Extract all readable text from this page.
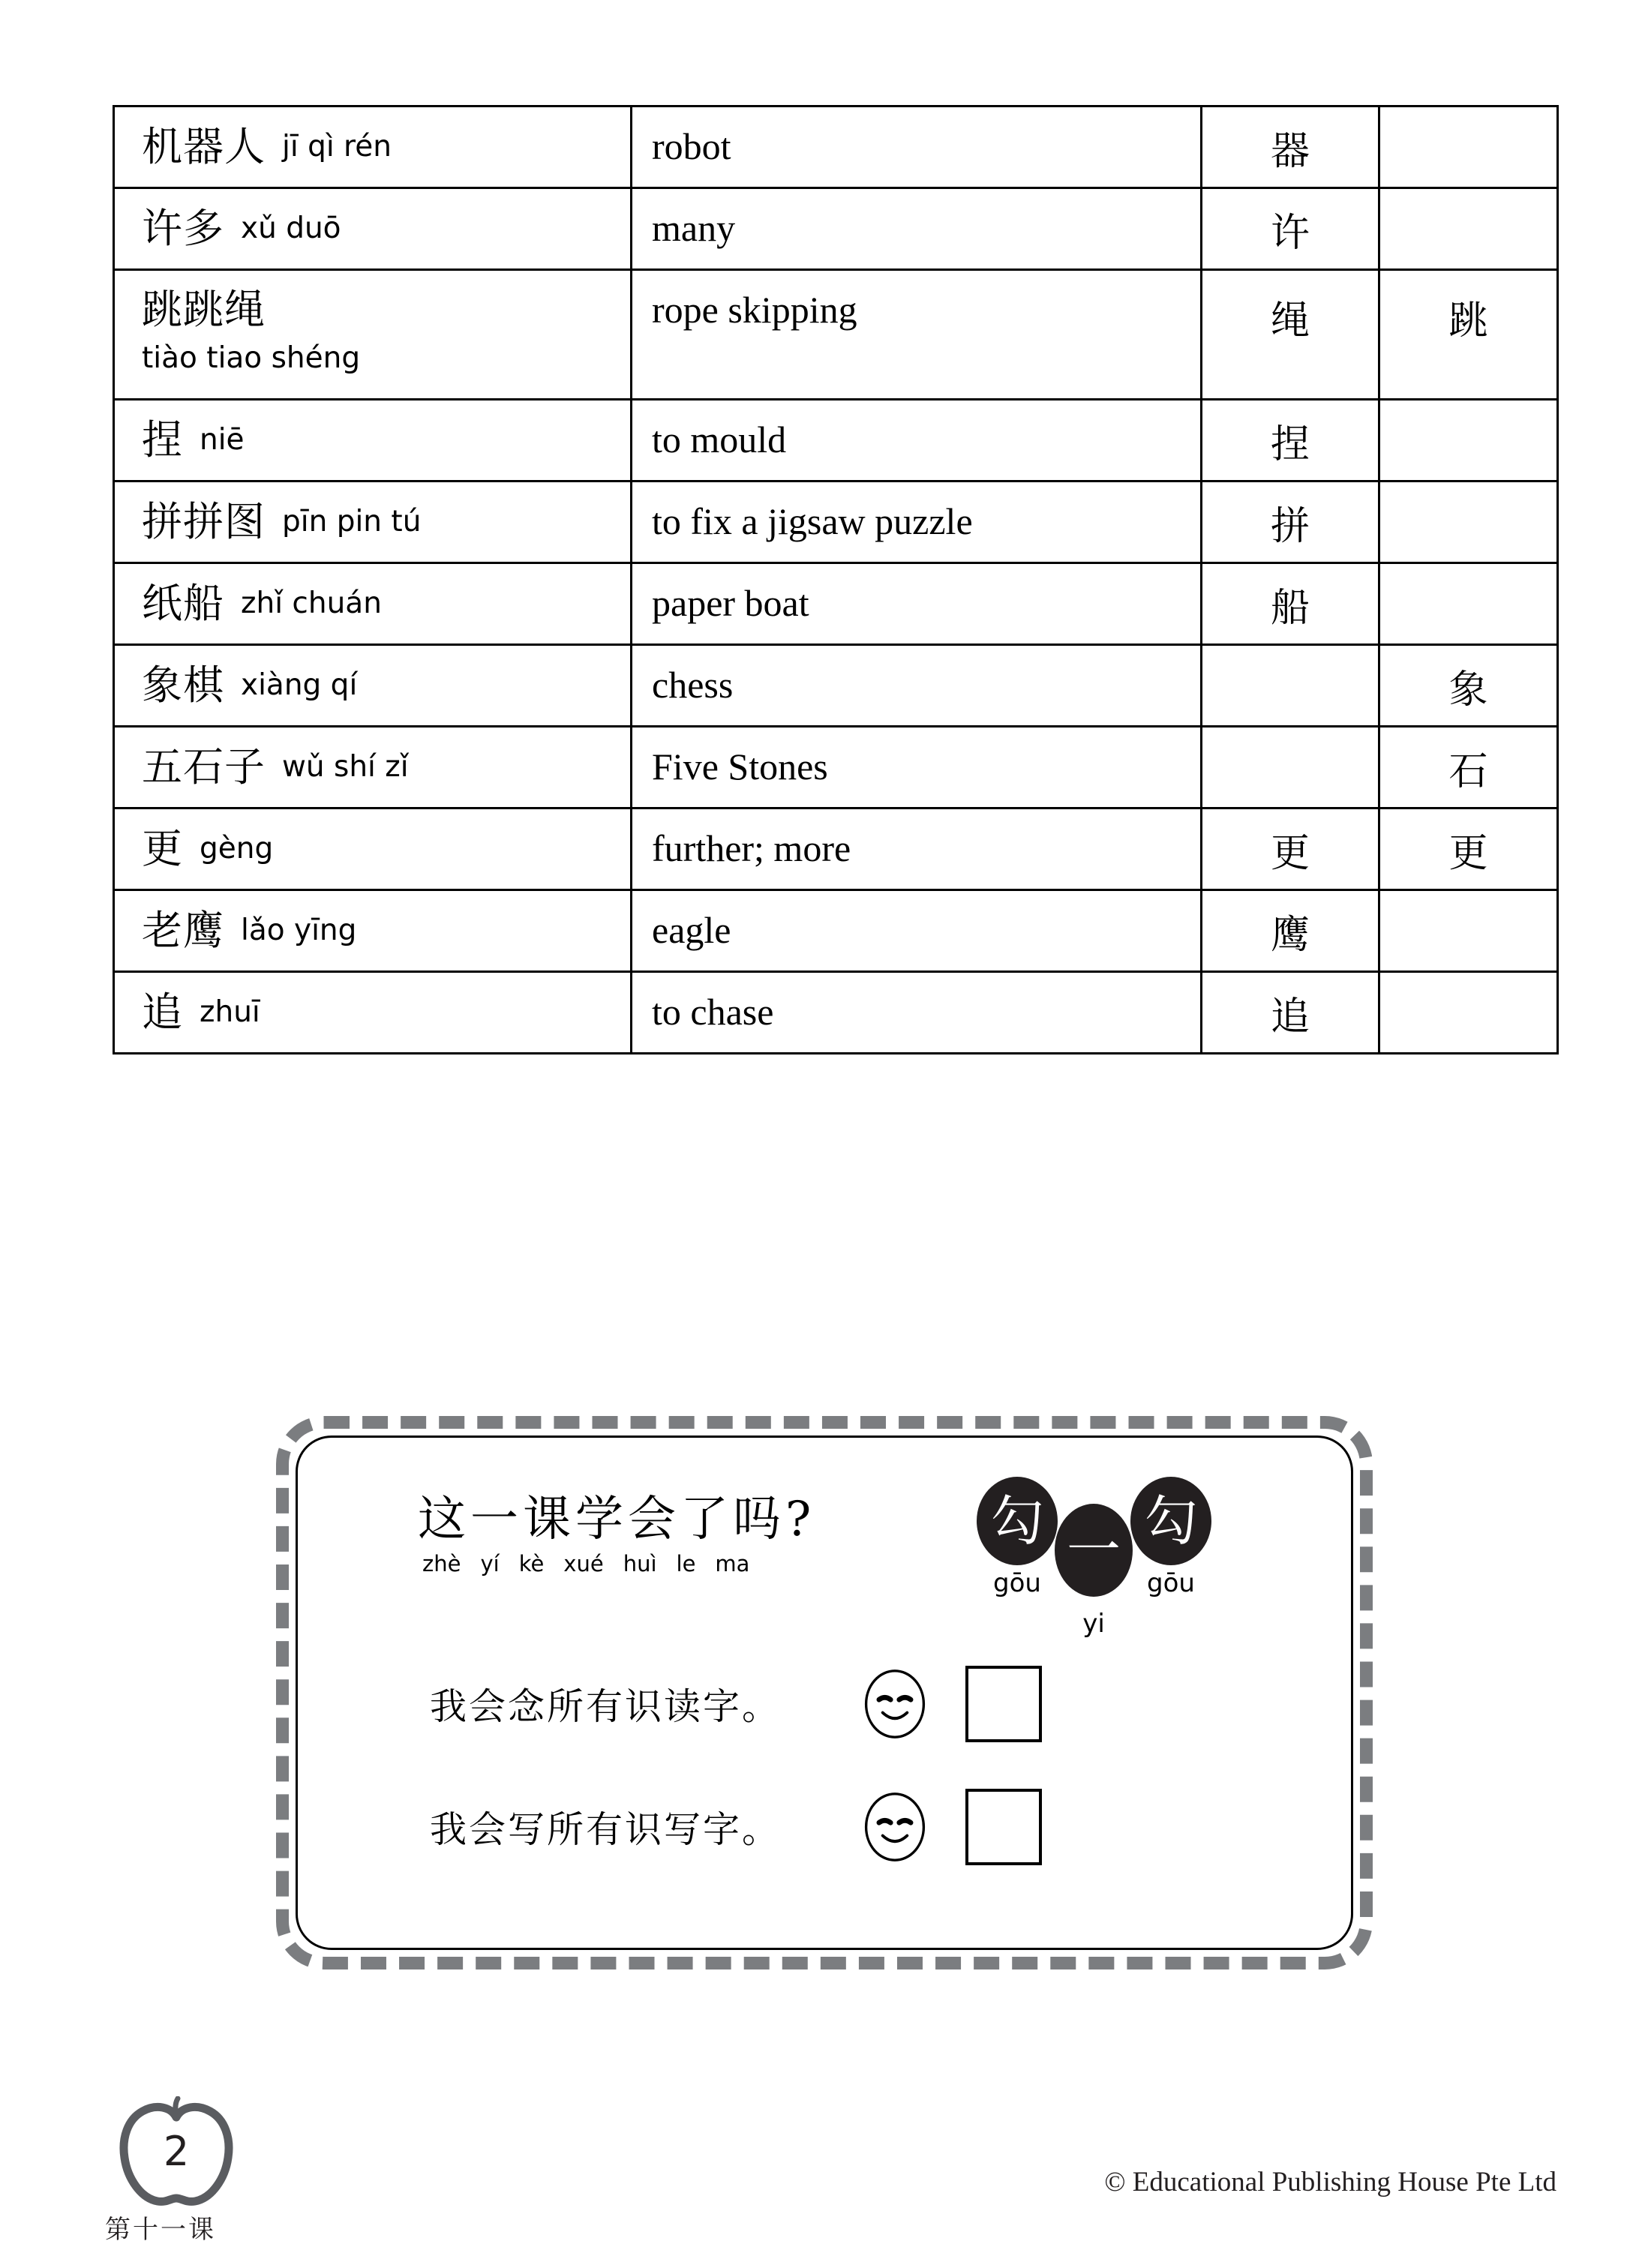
机器人 jī qì rén	robot	器	

许多 xǔ duō	many	许	

跳跳绳
tiào tiao shéng	rope skipping	绳	跳

捏 niē	to mould	捏	

拼拼图 pīn pin tú	to fix a jigsaw puzzle	拼	

纸船 zhǐ chuán	paper boat	船	

象棋 xiàng qí	chess		象

五石子 wǔ shí zǐ	Five Stones		石

更 gèng	further; more	更	更

老鹰 lǎo yīng	eagle	鹰	

追 zhuī	to chase	追	

这一课学会了吗?
zhè yí kè xué huì le ma
勾 勾
一
gōu	gōu
yi
我会念所有识读字。
我会写所有识写字。
2
第十一课
© Educational Publishing House Pte Ltd
